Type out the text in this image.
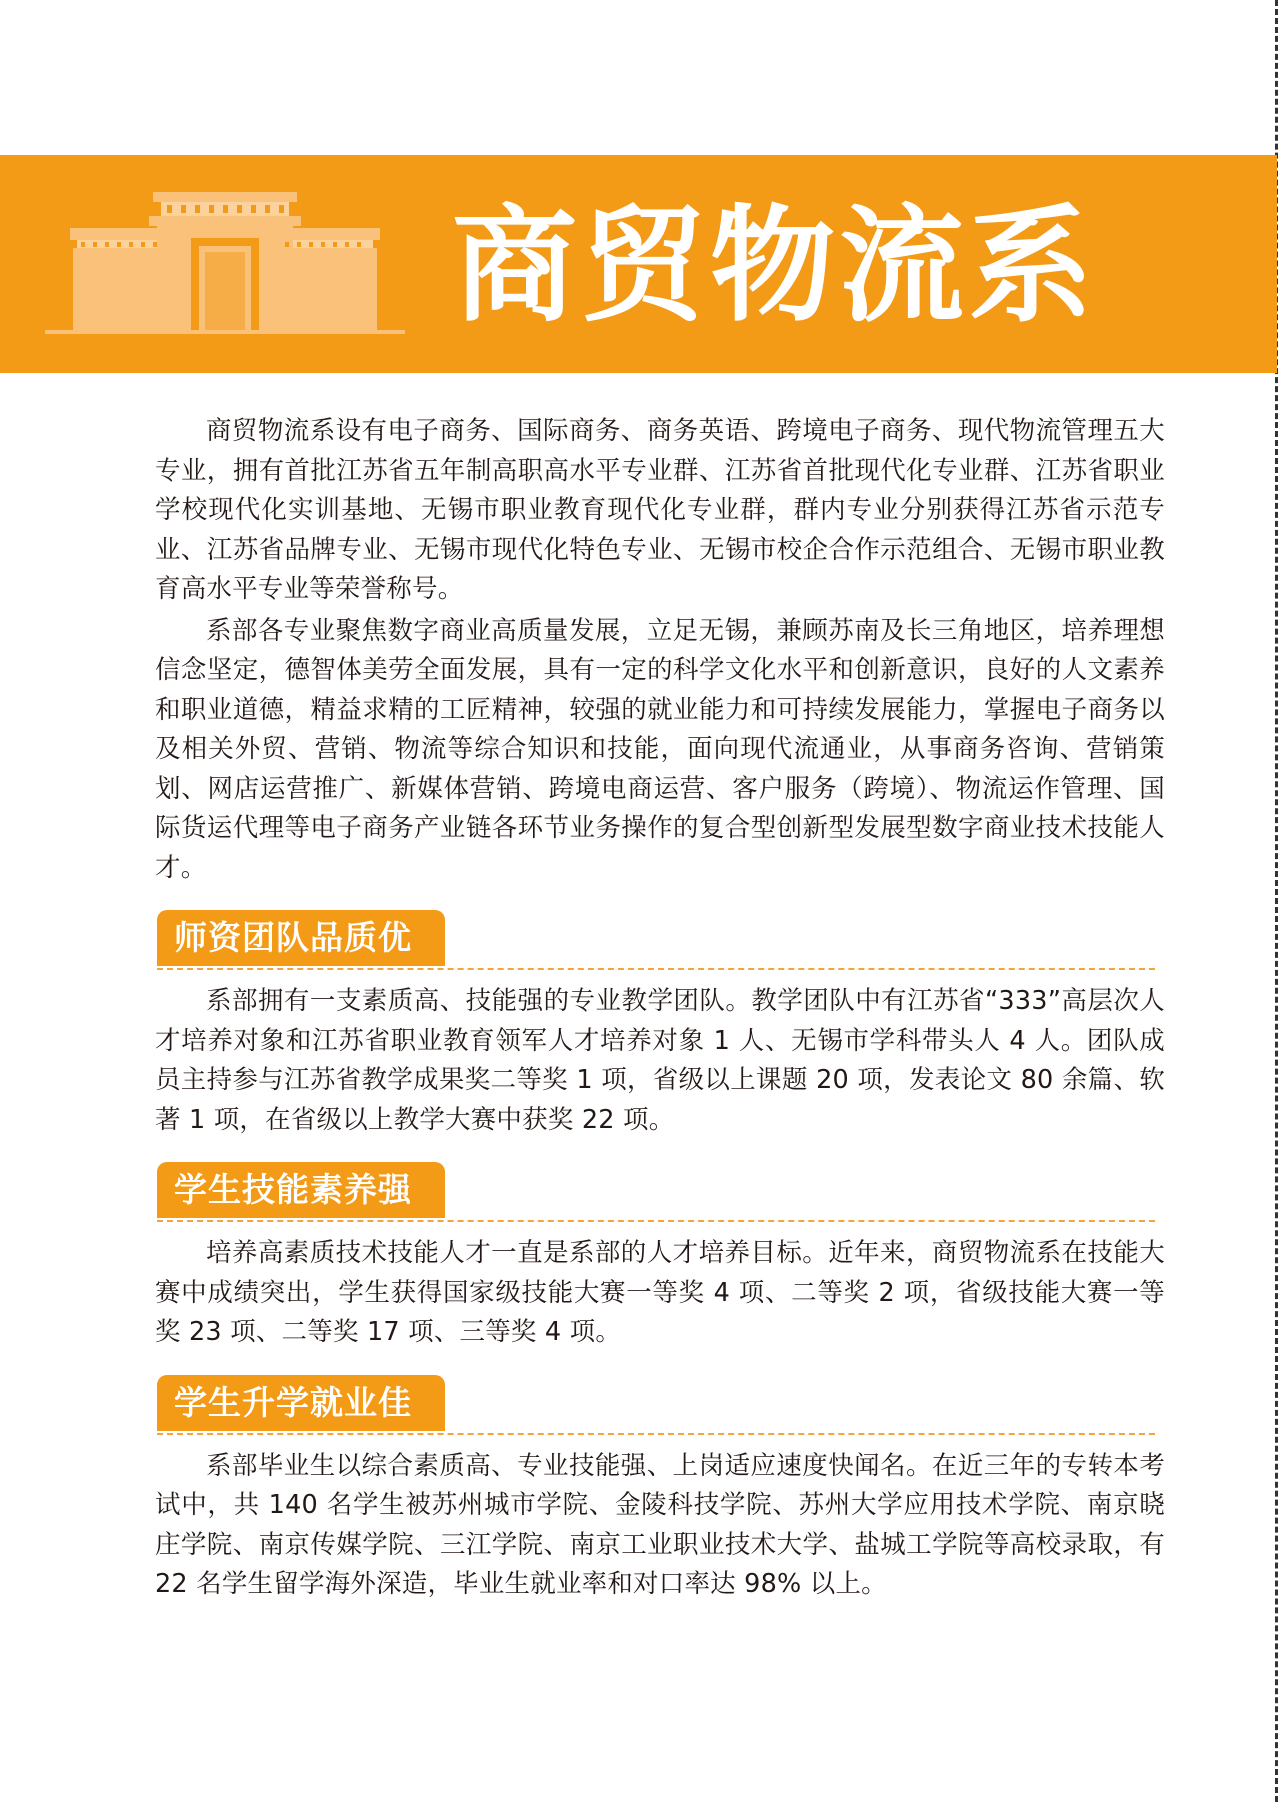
商贸物流系

商贸物流系设有电子商务、国际商务、商务英语、跨境电子商务、现代物流管理五大专业，拥有首批江苏省五年制高职高水平专业群、江苏省首批现代化专业群、江苏省职业学校现代化实训基地、无锡市职业教育现代化专业群，群内专业分别获得江苏省示范专业、江苏省品牌专业、无锡市现代化特色专业、无锡市校企合作示范组合、无锡市职业教育高水平专业等荣誉称号。

系部各专业聚焦数字商业高质量发展，立足无锡，兼顾苏南及长三角地区，培养理想信念坚定，德智体美劳全面发展，具有一定的科学文化水平和创新意识，良好的人文素养和职业道德，精益求精的工匠精神，较强的就业能力和可持续发展能力，掌握电子商务以及相关外贸、营销、物流等综合知识和技能，面向现代流通业，从事商务咨询、营销策划、网店运营推广、新媒体营销、跨境电商运营、客户服务（跨境）、物流运作管理、国际货运代理等电子商务产业链各环节业务操作的复合型创新型发展型数字商业技术技能人才。

师资团队品质优

系部拥有一支素质高、技能强的专业教学团队。教学团队中有江苏省“333”高层次人才培养对象和江苏省职业教育领军人才培养对象 1 人、无锡市学科带头人 4 人。团队成员主持参与江苏省教学成果奖二等奖 1 项，省级以上课题 20 项，发表论文 80 余篇、软著 1 项，在省级以上教学大赛中获奖 22 项。

学生技能素养强

培养高素质技术技能人才一直是系部的人才培养目标。近年来，商贸物流系在技能大赛中成绩突出，学生获得国家级技能大赛一等奖 4 项、二等奖 2 项，省级技能大赛一等奖 23 项、二等奖 17 项、三等奖 4 项。

学生升学就业佳

系部毕业生以综合素质高、专业技能强、上岗适应速度快闻名。在近三年的专转本考试中，共 140 名学生被苏州城市学院、金陵科技学院、苏州大学应用技术学院、南京晓庄学院、南京传媒学院、三江学院、南京工业职业技术大学、盐城工学院等高校录取，有 22 名学生留学海外深造，毕业生就业率和对口率达 98% 以上。
